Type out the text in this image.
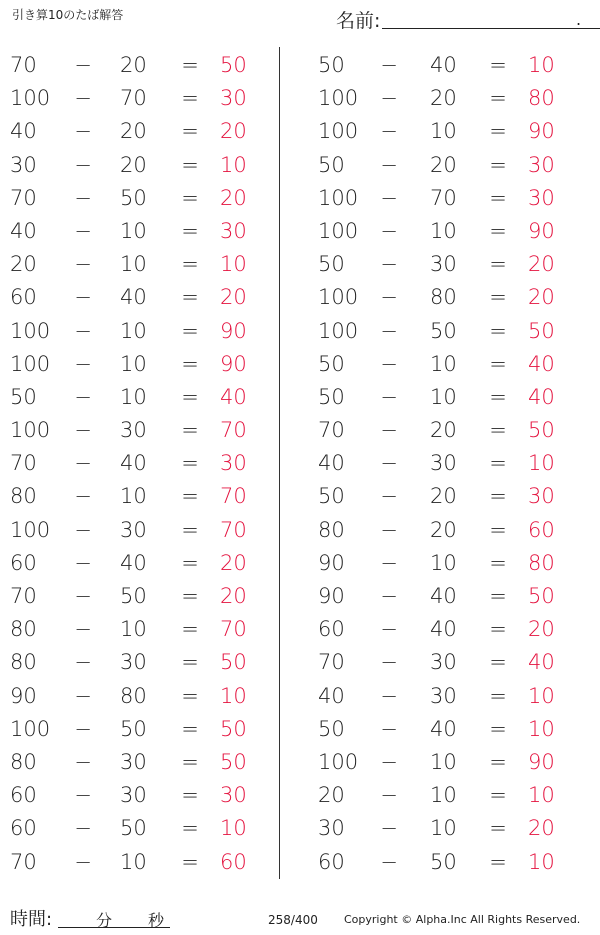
引き算10のたば解答	名前:	.
70	− 20	= 50
100	− 70	= 30
40	− 20	= 20
30	− 20	= 10
70	− 50	= 20
40	− 10	= 30
20	− 10	= 10
60	− 40	= 20
100	− 10	= 90
100	− 10	= 90
50	− 10	= 40
100	− 30	= 70
70	− 40	= 30
80	− 10	= 70
100	− 30	= 70
60	− 40	= 20
70	− 50	= 20
80	− 10	= 70
80	− 30	= 50
90	− 80	= 10
100	− 50	= 50
80	− 30	= 50
60	− 30	= 30
60	− 50	= 10
70	− 10	= 60
50	− 40	= 10
100	− 20	= 80
100	− 10	= 90
50	− 20	= 30
100	− 70	= 30
100	− 10	= 90
50	− 30	= 20
100	− 80	= 20
100	− 50	= 50
50	− 10	= 40
50	− 10	= 40
70	− 20	= 50
40	− 30	= 10
50	− 20	= 30
80	− 20	= 60
90	− 10	= 80
90	− 40	= 50
60	− 40	= 20
70	− 30	= 40
40	− 30	= 10
50	− 40	= 10
100	− 10	= 90
20	− 10	= 10
30	− 10	= 20
60	− 50	= 10
時間:	分 秒	258/400 Copyright © Alpha.Inc All Rights Reserved.
